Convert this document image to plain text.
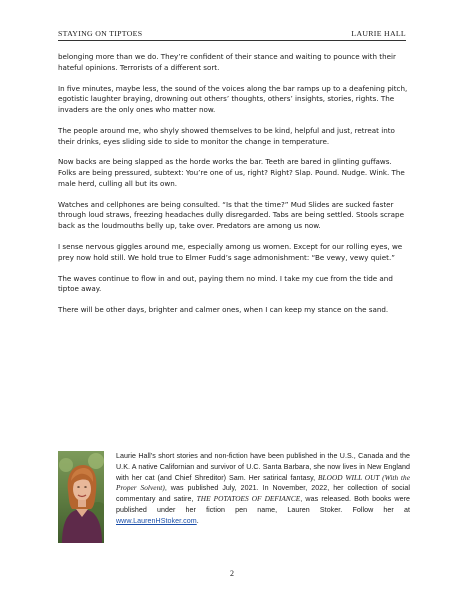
STAYING ON TIPTOES	LAURIE HALL

belonging more than we do. They’re confident of their stance and waiting to pounce with their hateful opinions. Terrorists of a different sort.

In five minutes, maybe less, the sound of the voices along the bar ramps up to a deafening pitch, egotistic laughter braying, drowning out others’ thoughts, others’ insights, stories, rights. The invaders are the only ones who matter now.

The people around me, who shyly showed themselves to be kind, helpful and just, retreat into their drinks, eyes sliding side to side to monitor the change in temperature.

Now backs are being slapped as the horde works the bar. Teeth are bared in glinting guffaws. Folks are being pressured, subtext: You’re one of us, right? Right? Slap. Pound. Nudge. Wink. The male herd, culling all but its own.

Watches and cellphones are being consulted. “Is that the time?” Mud Slides are sucked faster through loud straws, freezing headaches dully disregarded. Tabs are being settled. Stools scrape back as the loudmouths belly up, take over. Predators are among us now.

I sense nervous giggles around me, especially among us women. Except for our rolling eyes, we prey now hold still. We hold true to Elmer Fudd’s sage admonishment: “Be vewy, vewy quiet.”

The waves continue to flow in and out, paying them no mind. I take my cue from the tide and tiptoe away.

There will be other days, brighter and calmer ones, when I can keep my stance on the sand.

Laurie Hall’s short stories and non-fiction have been published in the U.S., Canada and the U.K. A native Californian and survivor of U.C. Santa Barbara, she now lives in New England with her cat (and Chief Shreditor) Sam. Her satirical fantasy, BLOOD WILL OUT (With the Proper Solvent), was published July, 2021. In November, 2022, her collection of social commentary and satire, THE POTATOES OF DEFIANCE, was released. Both books were published under her fiction pen name, Lauren Stoker. Follow her at www.LaurenHStoker.com.
2
